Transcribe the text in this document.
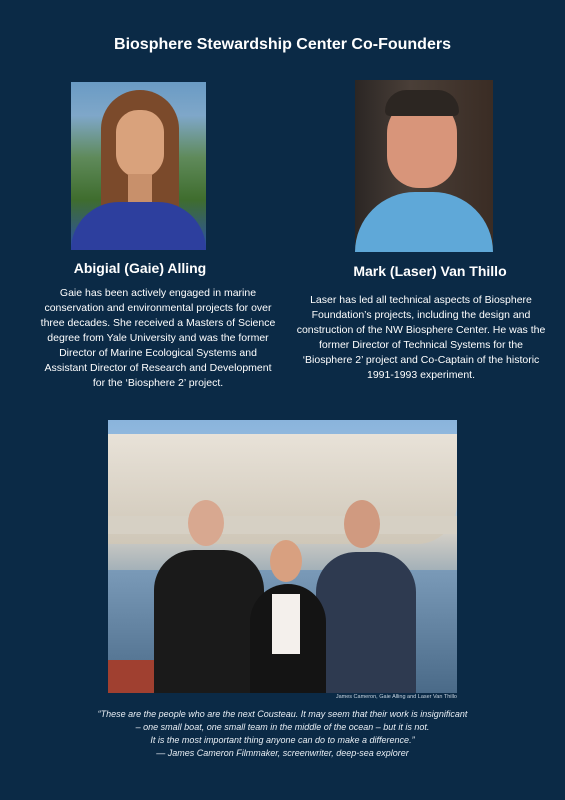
Biosphere Stewardship Center Co-Founders
Abigial (Gaie) Alling
Gaie has been actively engaged in marine conservation and environmental projects for over three decades. She received a Masters of Science degree from Yale University and was the former Director of Marine Ecological Systems and Assistant Director of Research and Development for the ‘Biosphere 2’ project.
Mark (Laser) Van Thillo
Laser has led all technical aspects of Biosphere Foundation’s projects, including the design and construction of the NW Biosphere Center. He was the former Director of Technical Systems for the ‘Biosphere 2’ project and Co-Captain of the historic 1991-1993 experiment.
James Cameron, Gaie Alling and Laser Van Thillo
“These are the people who are the next Cousteau. It may seem that their work is insignificant
– one small boat, one small team in the middle of the ocean – but it is not.
It is the most important thing anyone can do to make a difference.”
— James Cameron Filmmaker, screenwriter, deep-sea explorer
